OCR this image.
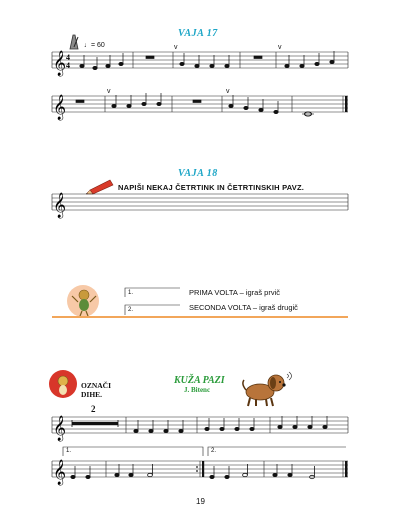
VAJA 17
♩= 60	v	v
v	v
𝄞 4
4
𝄞
VAJA 18
NAPIŠI NEKAJ ČETRTINK IN ČETRTINSKIH PAVZ.
𝄞
1.
2.
PRIMA VOLTA – igraš prvič
SECONDA VOLTA – igraš drugič
OZNAČI
DIHE.
KUŽA PAZI
J. Bitenc
2
𝄞
1.	2.
𝄞
19
